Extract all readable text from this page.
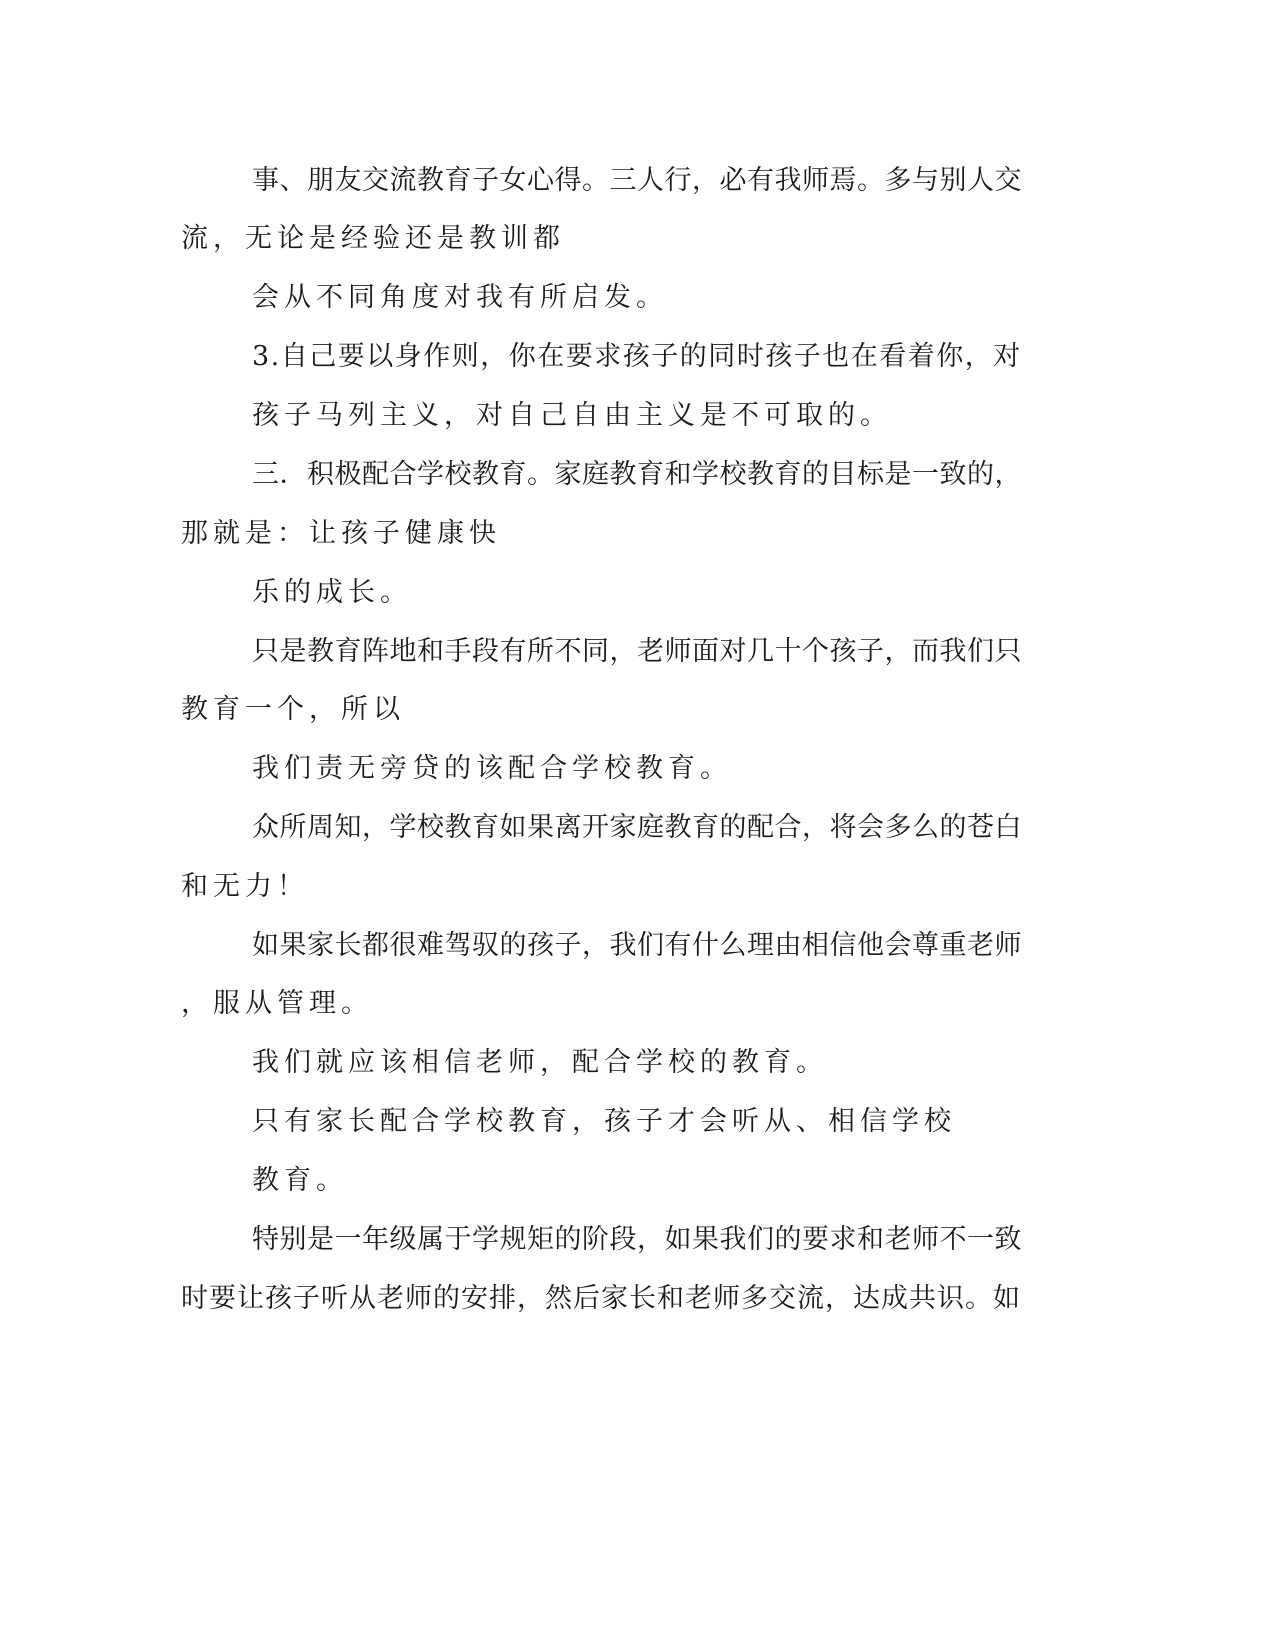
事、朋友交流教育子女心得。三人行，必有我师焉。多与别人交
流，无论是经验还是教训都
会从不同角度对我有所启发。
3.自己要以身作则，你在要求孩子的同时孩子也在看着你，对
孩子马列主义，对自己自由主义是不可取的。
三．积极配合学校教育。家庭教育和学校教育的目标是一致的，
那就是：让孩子健康快
乐的成长。
只是教育阵地和手段有所不同，老师面对几十个孩子，而我们只
教育一个，所以
我们责无旁贷的该配合学校教育。
众所周知，学校教育如果离开家庭教育的配合，将会多么的苍白
和无力！
如果家长都很难驾驭的孩子，我们有什么理由相信他会尊重老师
，服从管理。
我们就应该相信老师，配合学校的教育。
只有家长配合学校教育，孩子才会听从、相信学校
教育。
特别是一年级属于学规矩的阶段，如果我们的要求和老师不一致
时要让孩子听从老师的安排，然后家长和老师多交流，达成共识。如
